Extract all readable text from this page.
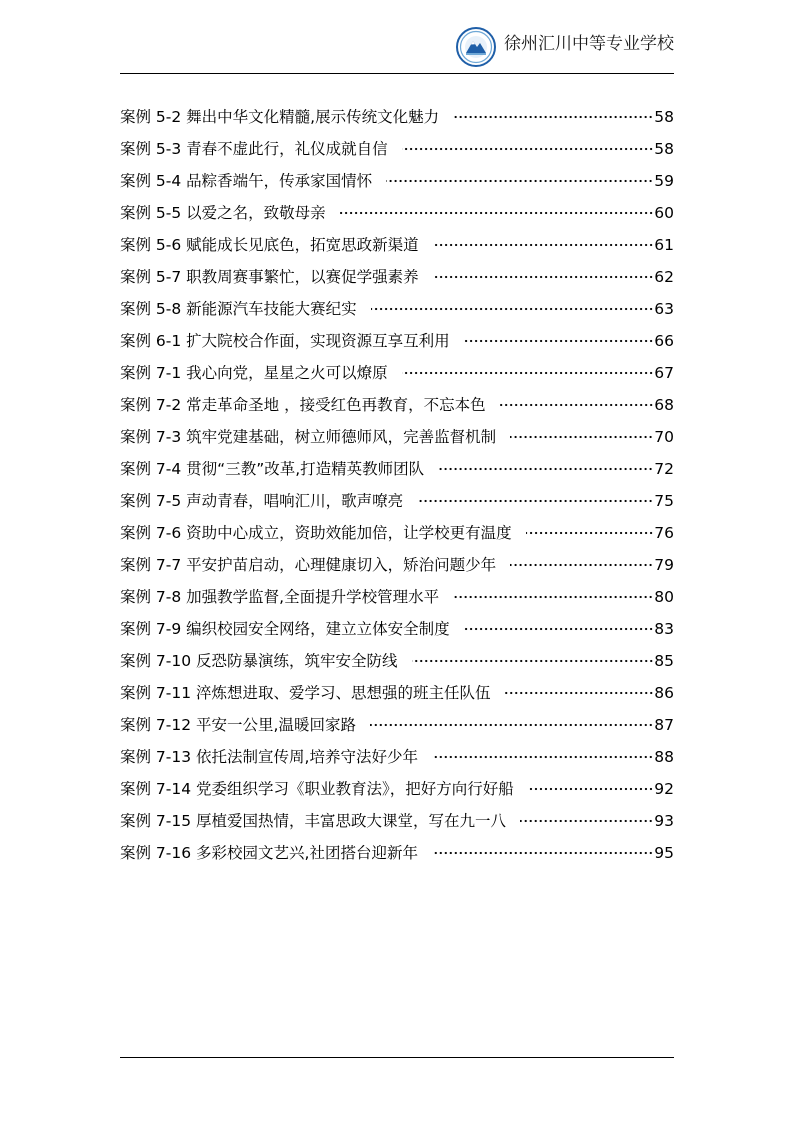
徐州汇川中等专业学校
案例 5-2 舞出中华文化精髓,展示传统文化魅力	58
案例 5-3 青春不虚此行，礼仪成就自信	58
案例 5-4 品粽香端午，传承家国情怀	59
案例 5-5 以爱之名，致敬母亲	60
案例 5-6 赋能成长见底色，拓宽思政新渠道	61
案例 5-7 职教周赛事繁忙，以赛促学强素养	62
案例 5-8 新能源汽车技能大赛纪实	63
案例 6-1 扩大院校合作面，实现资源互享互利用	66
案例 7-1 我心向党，星星之火可以燎原	67
案例 7-2 常走革命圣地 ，接受红色再教育，不忘本色	68
案例 7-3 筑牢党建基础，树立师德师风，完善监督机制	70
案例 7-4 贯彻“三教”改革,打造精英教师团队	72
案例 7-5 声动青春，唱响汇川，歌声嘹亮	75
案例 7-6 资助中心成立，资助效能加倍，让学校更有温度	76
案例 7-7 平安护苗启动，心理健康切入，矫治问题少年	79
案例 7-8 加强教学监督,全面提升学校管理水平	80
案例 7-9 编织校园安全网络，建立立体安全制度	83
案例 7-10 反恐防暴演练，筑牢安全防线	85
案例 7-11 淬炼想进取、爱学习、思想强的班主任队伍	86
案例 7-12 平安一公里,温暖回家路	87
案例 7-13 依托法制宣传周,培养守法好少年	88
案例 7-14 党委组织学习《职业教育法》，把好方向行好船	92
案例 7-15 厚植爱国热情，丰富思政大课堂，写在九一八	93
案例 7-16 多彩校园文艺兴,社团搭台迎新年	95
